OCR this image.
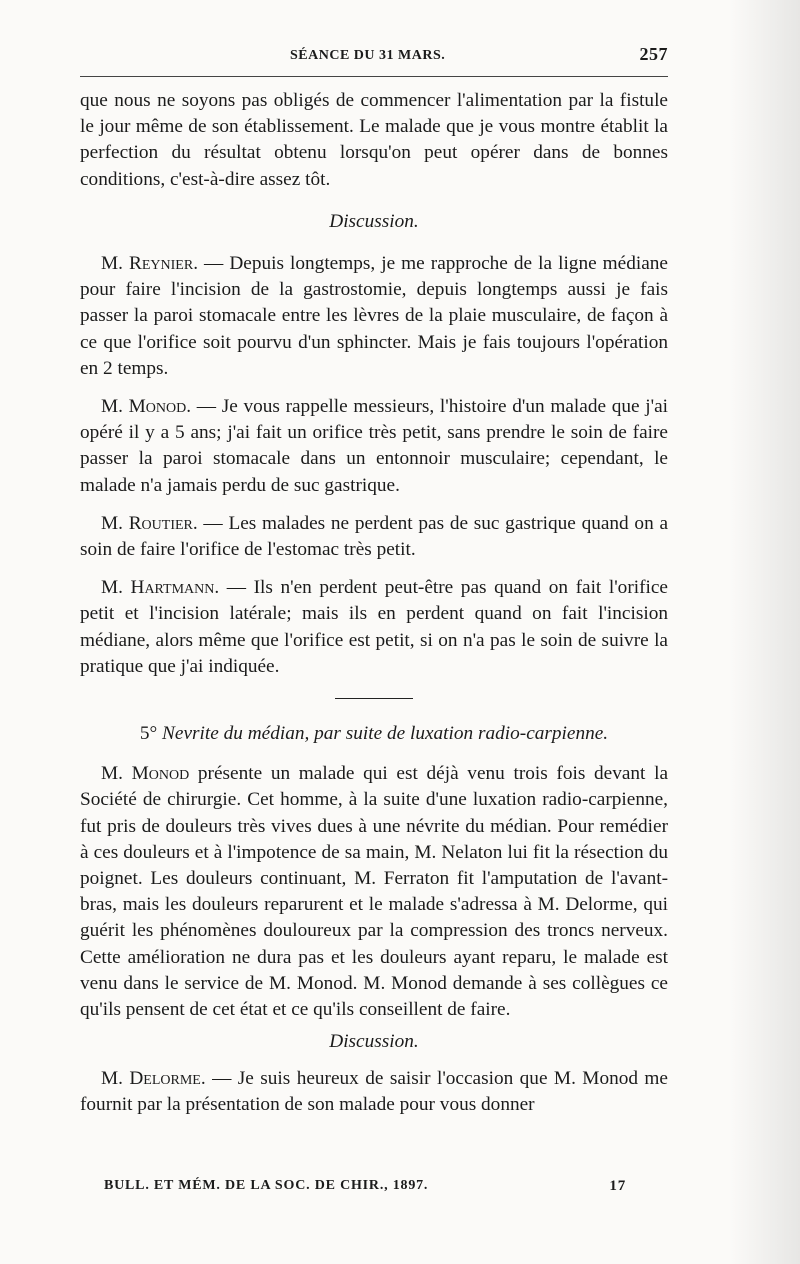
SÉANCE DU 31 MARS.	257

que nous ne soyons pas obligés de commencer l'alimentation par la fistule le jour même de son établissement. Le malade que je vous montre établit la perfection du résultat obtenu lorsqu'on peut opérer dans de bonnes conditions, c'est-à-dire assez tôt.

Discussion.

M. Reynier. — Depuis longtemps, je me rapproche de la ligne médiane pour faire l'incision de la gastrostomie, depuis longtemps aussi je fais passer la paroi stomacale entre les lèvres de la plaie musculaire, de façon à ce que l'orifice soit pourvu d'un sphincter. Mais je fais toujours l'opération en 2 temps.

M. Monod. — Je vous rappelle messieurs, l'histoire d'un malade que j'ai opéré il y a 5 ans; j'ai fait un orifice très petit, sans prendre le soin de faire passer la paroi stomacale dans un entonnoir musculaire; cependant, le malade n'a jamais perdu de suc gastrique.

M. Routier. — Les malades ne perdent pas de suc gastrique quand on a soin de faire l'orifice de l'estomac très petit.

M. Hartmann. — Ils n'en perdent peut-être pas quand on fait l'orifice petit et l'incision latérale; mais ils en perdent quand on fait l'incision médiane, alors même que l'orifice est petit, si on n'a pas le soin de suivre la pratique que j'ai indiquée.

5° Nevrite du médian, par suite de luxation radio-carpienne.

M. Monod présente un malade qui est déjà venu trois fois devant la Société de chirurgie. Cet homme, à la suite d'une luxation radio-carpienne, fut pris de douleurs très vives dues à une névrite du médian. Pour remédier à ces douleurs et à l'impotence de sa main, M. Nelaton lui fit la résection du poignet. Les douleurs continuant, M. Ferraton fit l'amputation de l'avant-bras, mais les douleurs reparurent et le malade s'adressa à M. Delorme, qui guérit les phénomènes douloureux par la compression des troncs nerveux. Cette amélioration ne dura pas et les douleurs ayant reparu, le malade est venu dans le service de M. Monod. M. Monod demande à ses collègues ce qu'ils pensent de cet état et ce qu'ils conseillent de faire.

Discussion.

M. Delorme. — Je suis heureux de saisir l'occasion que M. Monod me fournit par la présentation de son malade pour vous donner

BULL. ET MÉM. DE LA SOC. DE CHIR., 1897.	17
